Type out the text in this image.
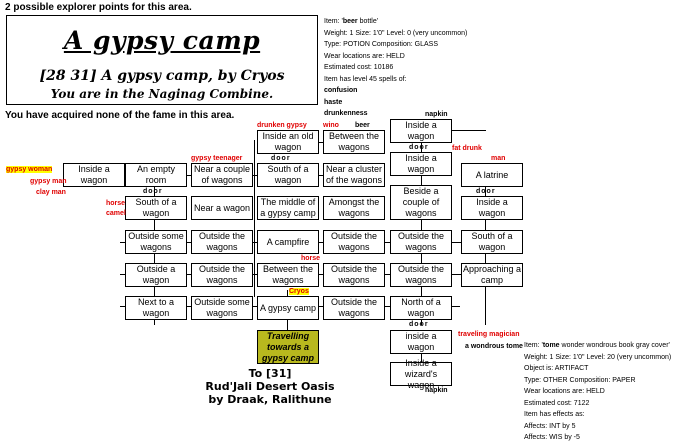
2 possible explorer points for this area.
A gypsy camp
[28 31] A gypsy camp, by Cryos
You are in the Naginag Combine.
You have acquired none of the fame in this area.
Item: 'beer bottle'
Weight: 1 Size: 1'0" Level: 0 (very uncommon)
Type: POTION Composition: GLASS
Wear locations are: HELD
Estimated cost: 10186
Item has level 45 spells of:
confusion
haste
drunkenness
Item: 'tome wonder wondrous book gray cover'
Weight: 1 Size: 1'0" Level: 20 (very uncommon)
Object is: ARTIFACT
Type: OTHER Composition: PAPER
Wear locations are: HELD
Estimated cost: 7122
Item has effects as:
Affects: INT by 5
Affects: WIS by -5
Inside a wagon
An empty room
Near a couple of wagons
South of a wagon
Near a cluster of the wagons
Inside a wagon
Inside an old wagon
Between the wagons
Inside a wagon
A latrine
South of a wagon
Near a wagon
The middle of a gypsy camp
Amongst the wagons
Beside a couple of wagons
Inside a wagon
Outside some wagons
Outside the wagons
A campfire
Outside the wagons
Outside the wagons
South of a wagon
Outside a wagon
Outside the wagons
Between the wagons
Outside the wagons
Outside the wagons
Approaching a camp
Next to a wagon
Outside some wagons
A gypsy camp
Outside the wagons
North of a wagon
Travelling towards a gypsy camp
inside a wagon
Inside a wizard's wagon
door
door
door
door
door
gypsy woman
gypsy man
clay man
gypsy teenager
drunken gypsy wino beer
napkin
fat drunk
man
horse
camel
horse
Cryos
traveling magician
a wondrous tome
napkin
To [31]
Rud'Jali Desert Oasis
by Draak, Ralithune
